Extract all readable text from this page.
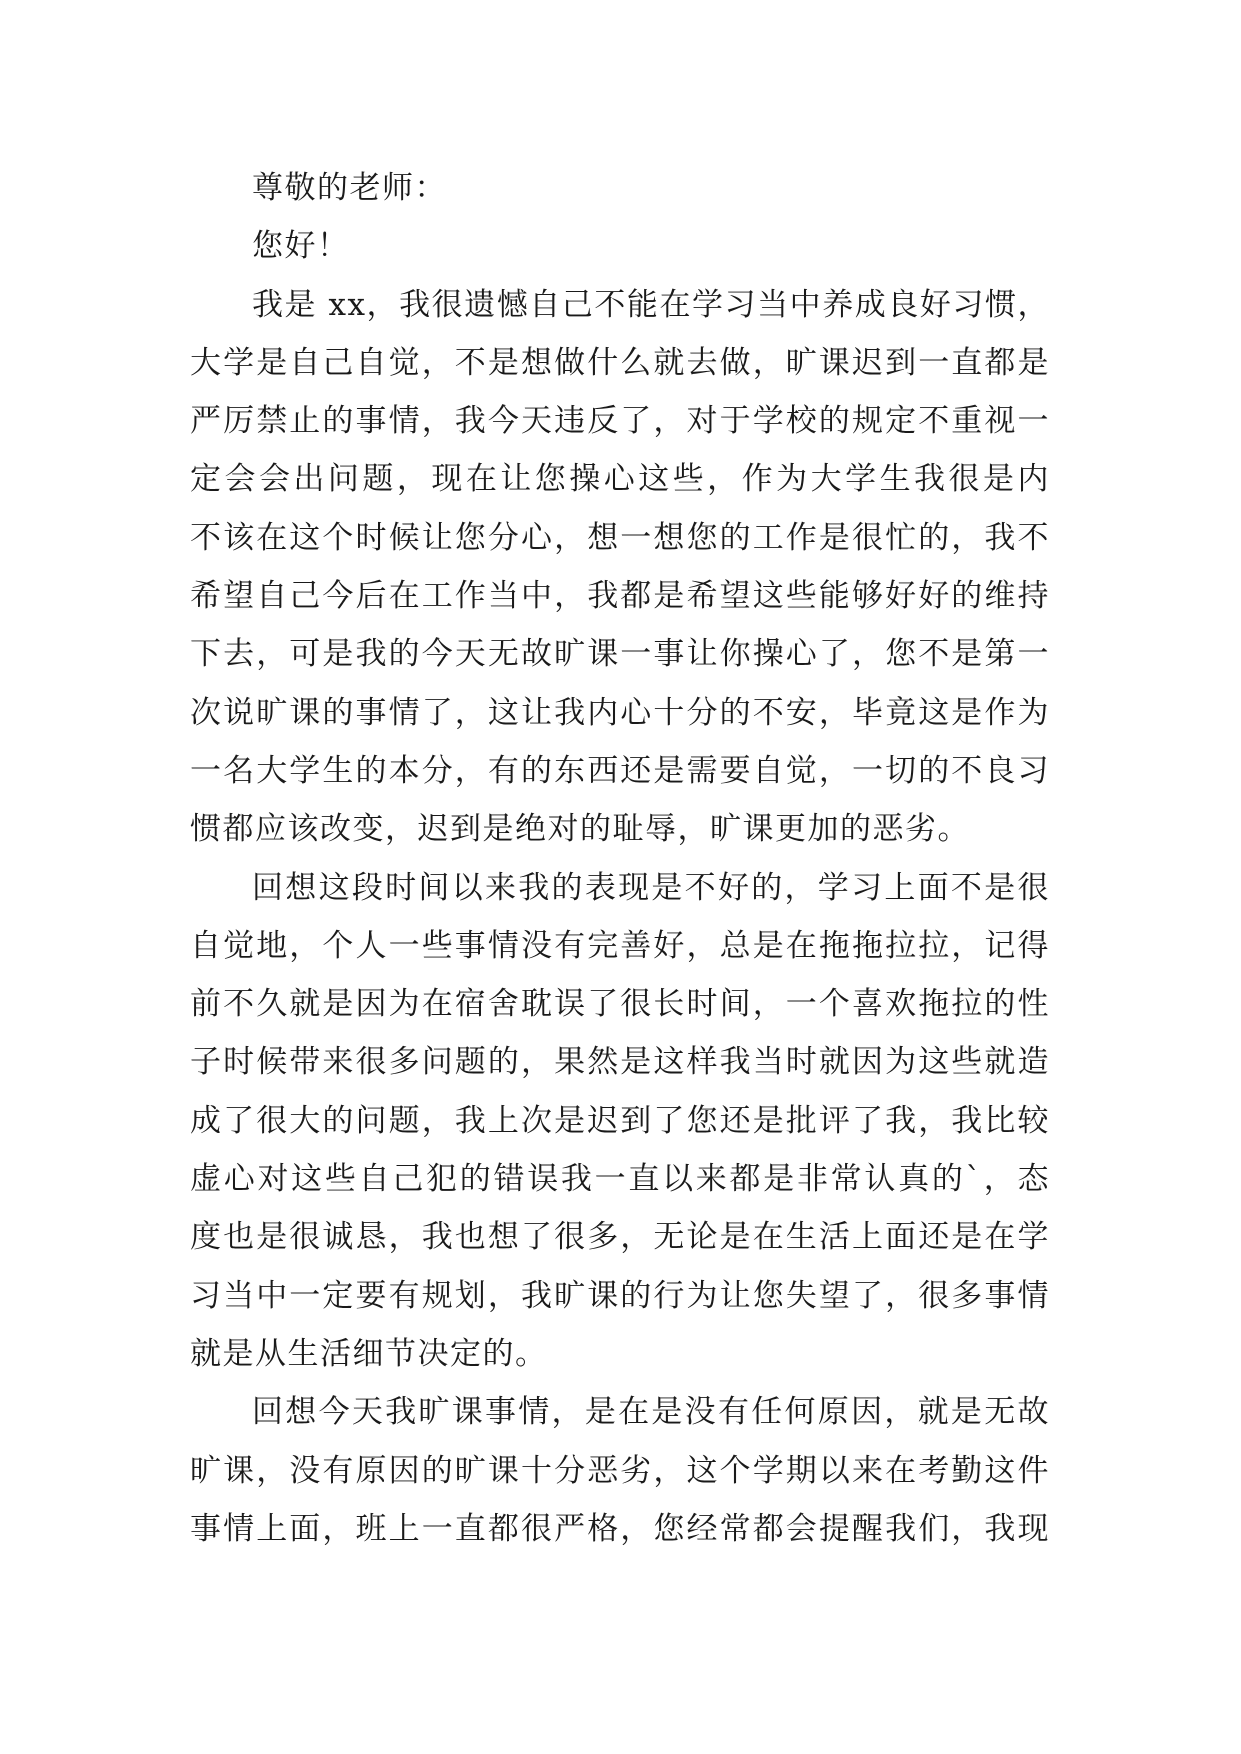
尊敬的老师：
您好！
我是 xx，我很遗憾自己不能在学习当中养成良好习惯，
大学是自己自觉，不是想做什么就去做，旷课迟到一直都是
严厉禁止的事情，我今天违反了，对于学校的规定不重视一
定会会出问题，现在让您操心这些，作为大学生我很是内
不该在这个时候让您分心，想一想您的工作是很忙的，我不
希望自己今后在工作当中，我都是希望这些能够好好的维持
下去，可是我的今天无故旷课一事让你操心了，您不是第一
次说旷课的事情了，这让我内心十分的不安，毕竟这是作为
一名大学生的本分，有的东西还是需要自觉，一切的不良习
惯都应该改变，迟到是绝对的耻辱，旷课更加的恶劣。
回想这段时间以来我的表现是不好的，学习上面不是很
自觉地，个人一些事情没有完善好，总是在拖拖拉拉，记得
前不久就是因为在宿舍耽误了很长时间，一个喜欢拖拉的性
子时候带来很多问题的，果然是这样我当时就因为这些就造
成了很大的问题，我上次是迟到了您还是批评了我，我比较
虚心对这些自己犯的错误我一直以来都是非常认真的`，态
度也是很诚恳，我也想了很多，无论是在生活上面还是在学
习当中一定要有规划，我旷课的行为让您失望了，很多事情
就是从生活细节决定的。
回想今天我旷课事情，是在是没有任何原因，就是无故
旷课，没有原因的旷课十分恶劣，这个学期以来在考勤这件
事情上面，班上一直都很严格，您经常都会提醒我们，我现
